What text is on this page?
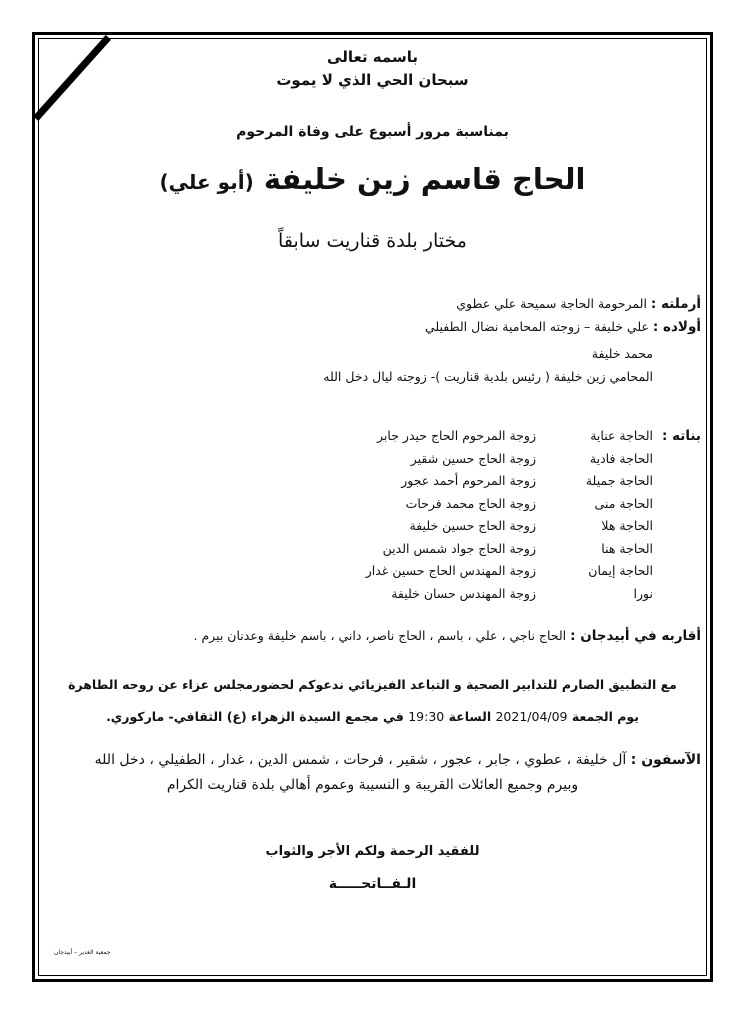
باسمه تعالى
سبحان الحي الذي لا يموت
بمناسبة مرور أسبوع على وفاة المرحوم
الحاج قاسم زين خليفة (أبو علي)
مختار بلدة قناريت سابقاً
أرملته : المرحومة الحاجة سميحة علي عطوي
أولاده : علي خليفة – زوجته المحامية نضال الطفيلي
محمد خليفة
المحامي زين خليفة ( رئيس بلدية قناريت )- زوجته ليال دخل الله
بناته :
الحاجة عناية
زوجة المرحوم الحاج حيدر جابر
الحاجة فادية
زوجة الحاج حسين شقير
الحاجة جميلة
زوجة المرحوم أحمد عجور
الحاجة منى
زوجة الحاج محمد فرحات
الحاجة هلا
زوجة الحاج حسين خليفة
الحاجة هنا
زوجة الحاج جواد شمس الدين
الحاجة إيمان
زوجة المهندس الحاج حسين غدار
نورا
زوجة المهندس حسان خليفة
أقاربه في أبيدجان : الحاج ناجي ، علي ، باسم ، الحاج ناصر، داني ، باسم خليفة وعدنان بيرم .
مع التطبيق الصارم للتدابير الصحية و التباعد الفيزيائي ندعوكم لحضورمجلس عزاء عن روحه الطاهرة
يوم الجمعة 2021/04/09 الساعة 19:30 في مجمع السيدة الزهراء (ع) الثقافي- ماركوري.
الآسفون : آل خليفة ، عطوي ، جابر ، عجور ، شقير ، فرحات ، شمس الدين ، غدار ، الطفيلي ، دخل الله
وبيرم وجميع العائلات القريبة و النسيبة وعموم أهالي بلدة قناريت الكرام
للفقيد الرحمة ولكم الأجر والثواب
الـفــاتحـــــة
جمعية الغدير – أبيدجان
